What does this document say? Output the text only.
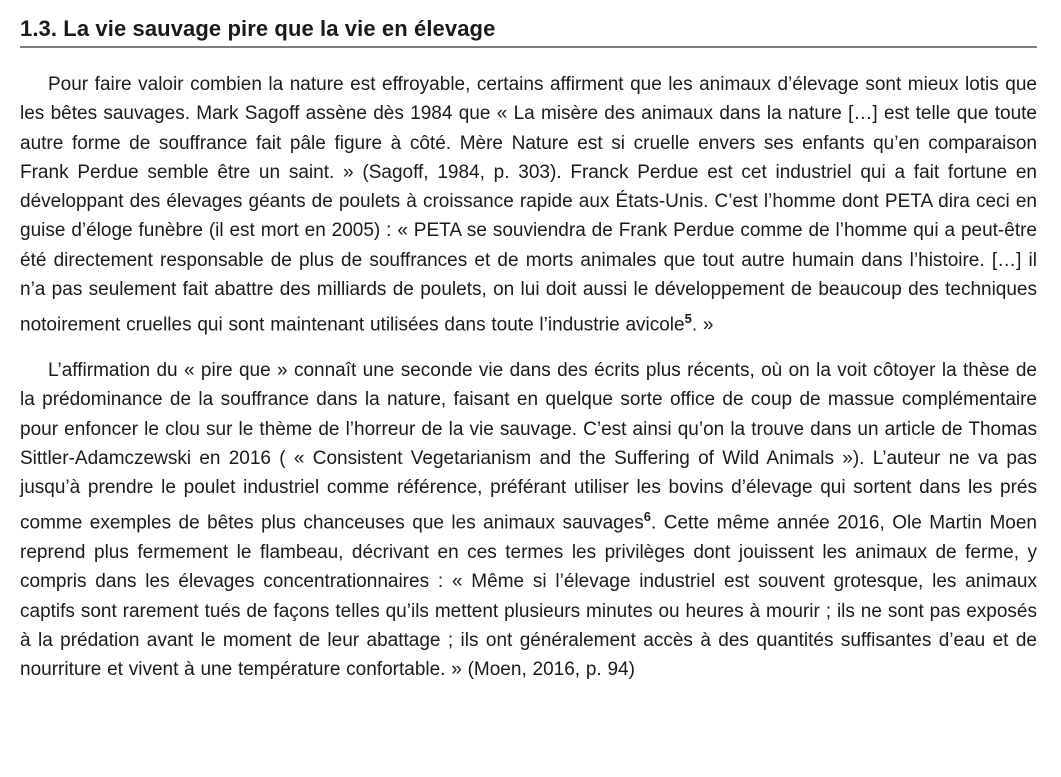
1.3. La vie sauvage pire que la vie en élevage

Pour faire valoir combien la nature est effroyable, certains affirment que les animaux d’élevage sont mieux lotis que les bêtes sauvages. Mark Sagoff assène dès 1984 que « La misère des animaux dans la nature […] est telle que toute autre forme de souffrance fait pâle figure à côté. Mère Nature est si cruelle envers ses enfants qu’en comparaison Frank Perdue semble être un saint. » (Sagoff, 1984, p. 303). Franck Perdue est cet industriel qui a fait fortune en développant des élevages géants de poulets à croissance rapide aux États-Unis. C’est l’homme dont PETA dira ceci en guise d’éloge funèbre (il est mort en 2005) : « PETA se souviendra de Frank Perdue comme de l’homme qui a peut-être été directement responsable de plus de souffrances et de morts animales que tout autre humain dans l’histoire. […] il n’a pas seulement fait abattre des milliards de poulets, on lui doit aussi le développement de beaucoup des techniques notoirement cruelles qui sont maintenant utilisées dans toute l’industrie avicole$^5$. »

L’affirmation du « pire que » connaît une seconde vie dans des écrits plus récents, où on la voit côtoyer la thèse de la prédominance de la souffrance dans la nature, faisant en quelque sorte office de coup de massue complémentaire pour enfoncer le clou sur le thème de l’horreur de la vie sauvage. C’est ainsi qu’on la trouve dans un article de Thomas Sittler-Adamczewski en 2016 ( « Consistent Vegetarianism and the Suffering of Wild Animals »). L’auteur ne va pas jusqu’à prendre le poulet industriel comme référence, préférant utiliser les bovins d’élevage qui sortent dans les prés comme exemples de bêtes plus chanceuses que les animaux sauvages$^6$. Cette même année 2016, Ole Martin Moen reprend plus fermement le flambeau, décrivant en ces termes les privilèges dont jouissent les animaux de ferme, y compris dans les élevages concentrationnaires : « Même si l’élevage industriel est souvent grotesque, les animaux captifs sont rarement tués de façons telles qu’ils mettent plusieurs minutes ou heures à mourir ; ils ne sont pas exposés à la prédation avant le moment de leur abattage ; ils ont généralement accès à des quantités suffisantes d’eau et de nourriture et vivent à une température confortable. » (Moen, 2016, p. 94)
